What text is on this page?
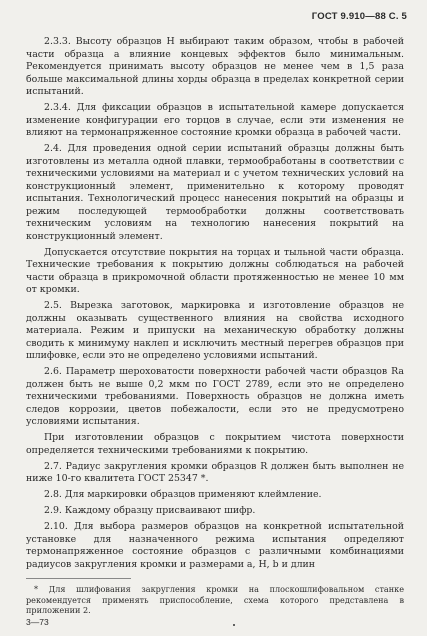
ГОСТ 9.910—88 С. 5

2.3.3. Высоту образцов H выбирают таким образом, чтобы в рабочей части образца a влияние концевых эффектов было минимальным. Рекомендуется принимать высоту образцов не менее чем в 1,5 раза больше максимальной длины хорды образца в пределах конкретной серии испытаний.

2.3.4. Для фиксации образцов в испытательной камере допускается изменение конфигурации его торцов в случае, если эти изменения не влияют на термонапряженное состояние кромки образца в рабочей части.

2.4. Для проведения одной серии испытаний образцы должны быть изготовлены из металла одной плавки, термообработаны в соответствии с техническими условиями на материал и с учетом технических условий на конструкционный элемент, применительно к которому проводят испытания. Технологический процесс нанесения покрытий на образцы и режим последующей термообработки должны соответствовать техническим условиям на технологию нанесения покрытий на конструкционный элемент.

Допускается отсутствие покрытия на торцах и тыльной части образца. Технические требования к покрытию должны соблюдаться на рабочей части образца в прикромочной области протяженностью не менее 10 мм от кромки.

2.5. Вырезка заготовок, маркировка и изготовление образцов не должны оказывать существенного влияния на свойства исходного материала. Режим и припуски на механическую обработку должны сводить к минимуму наклеп и исключить местный перегрев образцов при шлифовке, если это не определено условиями испытаний.

2.6. Параметр шероховатости поверхности рабочей части образцов Ra должен быть не выше 0,2 мкм по ГОСТ 2789, если это не определено техническими требованиями. Поверхность образцов не должна иметь следов коррозии, цветов побежалости, если это не предусмотрено условиями испытания.

При изготовлении образцов с покрытием чистота поверхности определяется техническими требованиями к покрытию.

2.7. Радиус закругления кромки образцов R должен быть выполнен не ниже 10-го квалитета ГОСТ 25347 *.

2.8. Для маркировки образцов применяют клеймление.

2.9. Каждому образцу присваивают шифр.

2.10. Для выбора размеров образцов на конкретной испытательной установке для назначенного режима испытания определяют термонапряженное состояние образцов с различными комбинациями радиусов закругления кромки и размерами a, H, b и длин

* Для шлифования закругления кромки на плоскошлифовальном станке рекомендуется применять приспособление, схема которого представлена в приложении 2.
3—73
